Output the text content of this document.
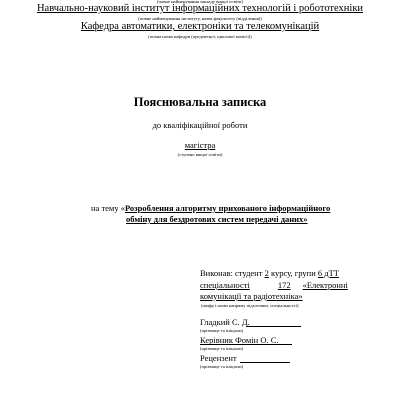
(повне найменування закладу вищої освіти)
Навчально-науковий інститут інформаційних технологій і робототехніки
(повне найменування інституту, назва факультету (відділення))
Кафедра автоматики, електроніки та телекомунікацій
(повна назва кафедри (предметної, циклової комісії))
Пояснювальна записка
до кваліфікаційної роботи
магістра
(ступень вищої освіти)
на тему «Розроблення алгоритму прихованого інформаційного
обміну для бездротових систем передачі даних»
Виконав: студент 2 курсу, групи 6 дТТ
спеціальності	172 «Електронні
комунікації та радіотехніка»
(шифр і назва напряму підготовки, спеціальності)
Гладкий С. Д.
(прізвище та ініціали)
Керівник Фомін О. С.
(прізвище та ініціали)
Рецензент
(прізвище та ініціали)
